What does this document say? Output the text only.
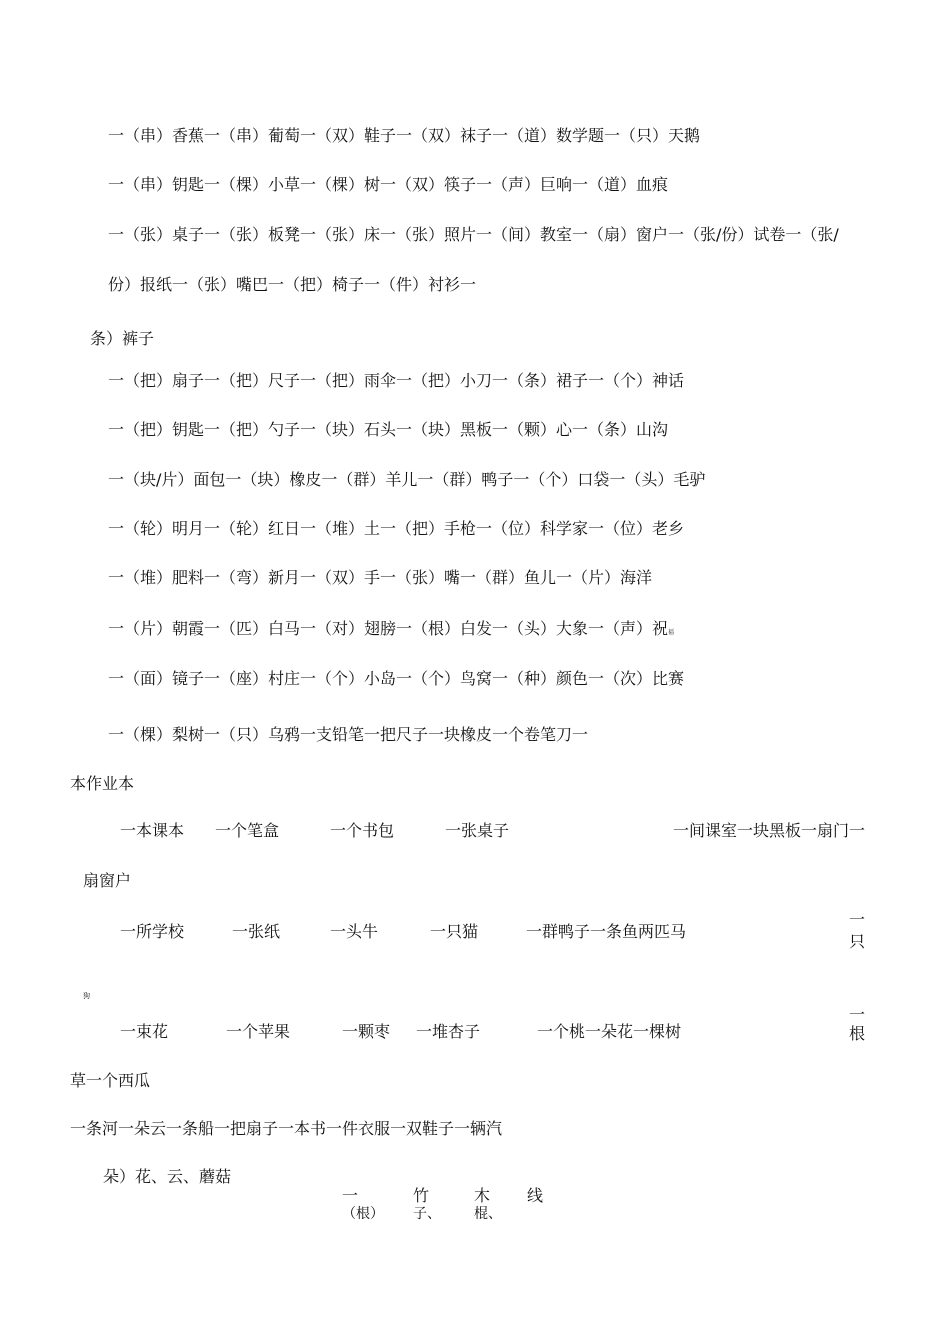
一（串）香蕉一（串）葡萄一（双）鞋子一（双）袜子一（道）数学题一（只）天鹅
一（串）钥匙一（棵）小草一（棵）树一（双）筷子一（声）巨响一（道）血痕
一（张）桌子一（张）板凳一（张）床一（张）照片一（间）教室一（扇）窗户一（张/份）试卷一（张/
份）报纸一（张）嘴巴一（把）椅子一（件）衬衫一
条）裤子
一（把）扇子一（把）尺子一（把）雨伞一（把）小刀一（条）裙子一（个）神话
一（把）钥匙一（把）勺子一（块）石头一（块）黑板一（颗）心一（条）山沟
一（块/片）面包一（块）橡皮一（群）羊儿一（群）鸭子一（个）口袋一（头）毛驴
一（轮）明月一（轮）红日一（堆）土一（把）手枪一（位）科学家一（位）老乡
一（堆）肥料一（弯）新月一（双）手一（张）嘴一（群）鱼儿一（片）海洋
一（片）朝霞一（匹）白马一（对）翅膀一（根）白发一（头）大象一（声）祝福
一（面）镜子一（座）村庄一（个）小岛一（个）鸟窝一（种）颜色一（次）比赛
一（棵）梨树一（只）乌鸦一支铅笔一把尺子一块橡皮一个卷笔刀一
本作业本
一本课本 一个笔盒	一个书包	一张桌子	一间课室一块黑板一扇门一
扇窗户
一所学校	一张纸	一头牛	一只猫	一群鸭子一条鱼两匹马
一
只
狗
一束花	一个苹果	一颗枣 一堆杏子	一个桃一朵花一棵树
一
根
草一个西瓜
一条河一朵云一条船一把扇子一本书一件衣服一双鞋子一辆汽
朵）花、云、蘑菇
一
（根）
竹
子、
木
棍、
线
